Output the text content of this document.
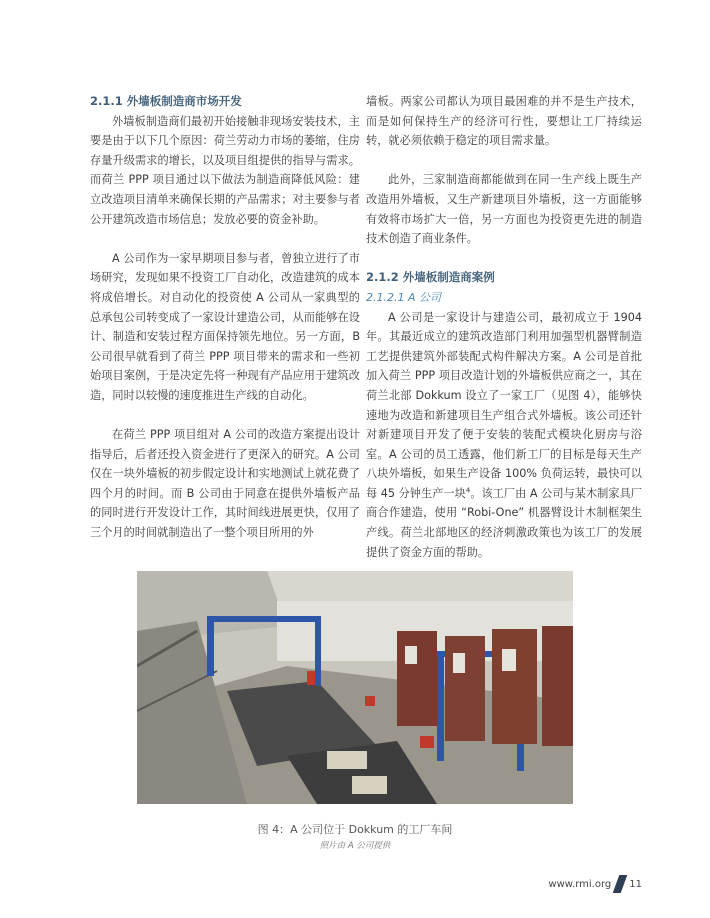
2.1.1 外墙板制造商市场开发

外墙板制造商们最初开始接触非现场安装技术，主要是由于以下几个原因：荷兰劳动力市场的萎缩，住房存量升级需求的增长，以及项目组提供的指导与需求。而荷兰 PPP 项目通过以下做法为制造商降低风险：建立改造项目清单来确保长期的产品需求；对主要参与者公开建筑改造市场信息；发放必要的资金补助。

A 公司作为一家早期项目参与者，曾独立进行了市场研究，发现如果不投资工厂自动化，改造建筑的成本将成倍增长。对自动化的投资使 A 公司从一家典型的总承包公司转变成了一家设计建造公司，从而能够在设计、制造和安装过程方面保持领先地位。另一方面，B 公司很早就看到了荷兰 PPP 项目带来的需求和一些初始项目案例，于是决定先将一种现有产品应用于建筑改造，同时以较慢的速度推进生产线的自动化。

在荷兰 PPP 项目组对 A 公司的改造方案提出设计指导后，后者还投入资金进行了更深入的研究。A 公司仅在一块外墙板的初步假定设计和实地测试上就花费了四个月的时间。而 B 公司由于同意在提供外墙板产品的同时进行开发设计工作，其时间线进展更快，仅用了三个月的时间就制造出了一整个项目所用的外

墙板。两家公司都认为项目最困难的并不是生产技术，而是如何保持生产的经济可行性，要想让工厂持续运转，就必须依赖于稳定的项目需求量。

此外，三家制造商都能做到在同一生产线上既生产改造用外墙板，又生产新建项目外墙板，这一方面能够有效将市场扩大一倍，另一方面也为投资更先进的制造技术创造了商业条件。

2.1.2 外墙板制造商案例
2.1.2.1 A 公司

A 公司是一家设计与建造公司，最初成立于 1904 年。其最近成立的建筑改造部门利用加强型机器臂制造工艺提供建筑外部装配式构件解决方案。A 公司是首批加入荷兰 PPP 项目改造计划的外墙板供应商之一，其在荷兰北部 Dokkum 设立了一家工厂（见图 4），能够快速地为改造和新建项目生产组合式外墙板。该公司还针对新建项目开发了便于安装的装配式模块化厨房与浴室。A 公司的员工透露，他们新工厂的目标是每天生产八块外墙板，如果生产设备 100% 负荷运转，最快可以每 45 分钟生产一块$^4$。该工厂由 A 公司与某木制家具厂商合作建造，使用 “Robi-One” 机器臂设计木制框架生产线。荷兰北部地区的经济刺激政策也为该工厂的发展提供了资金方面的帮助。

图 4：A 公司位于 Dokkum 的工厂车间
照片由 A 公司提供
www.rmi.org 11
